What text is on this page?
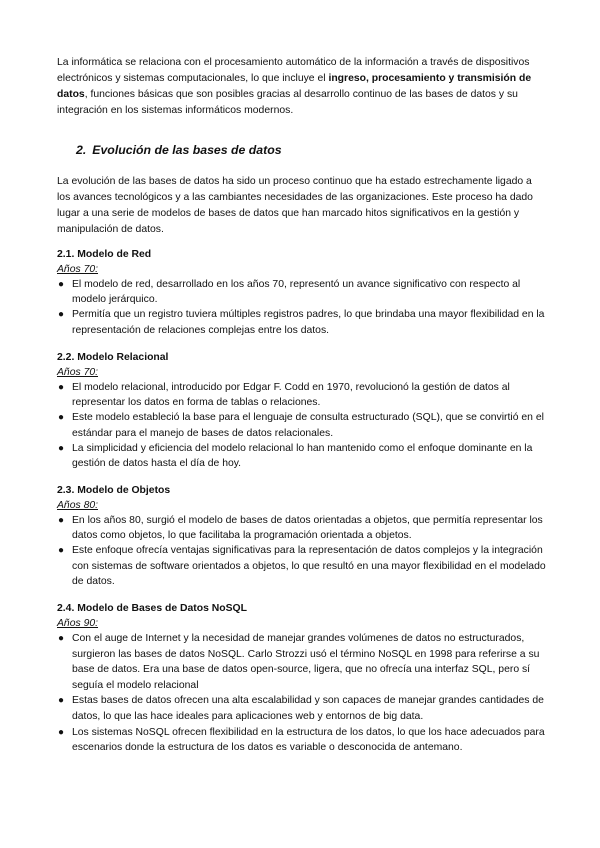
La informática se relaciona con el procesamiento automático de la información a través de dispositivos electrónicos y sistemas computacionales, lo que incluye el ingreso, procesamiento y transmisión de datos, funciones básicas que son posibles gracias al desarrollo continuo de las bases de datos y su integración en los sistemas informáticos modernos.

2. Evolución de las bases de datos

La evolución de las bases de datos ha sido un proceso continuo que ha estado estrechamente ligado a los avances tecnológicos y a las cambiantes necesidades de las organizaciones. Este proceso ha dado lugar a una serie de modelos de bases de datos que han marcado hitos significativos en la gestión y manipulación de datos.

2.1. Modelo de Red
Años 70:
● El modelo de red, desarrollado en los años 70, representó un avance significativo con respecto al modelo jerárquico.
● Permitía que un registro tuviera múltiples registros padres, lo que brindaba una mayor flexibilidad en la representación de relaciones complejas entre los datos.
2.2. Modelo Relacional
Años 70:
● El modelo relacional, introducido por Edgar F. Codd en 1970, revolucionó la gestión de datos al representar los datos en forma de tablas o relaciones.
● Este modelo estableció la base para el lenguaje de consulta estructurado (SQL), que se convirtió en el estándar para el manejo de bases de datos relacionales.
● La simplicidad y eficiencia del modelo relacional lo han mantenido como el enfoque dominante en la gestión de datos hasta el día de hoy.
2.3. Modelo de Objetos
Años 80:
● En los años 80, surgió el modelo de bases de datos orientadas a objetos, que permitía representar los datos como objetos, lo que facilitaba la programación orientada a objetos.
● Este enfoque ofrecía ventajas significativas para la representación de datos complejos y la integración con sistemas de software orientados a objetos, lo que resultó en una mayor flexibilidad en el modelado de datos.
2.4. Modelo de Bases de Datos NoSQL
Años 90:
● Con el auge de Internet y la necesidad de manejar grandes volúmenes de datos no estructurados, surgieron las bases de datos NoSQL. Carlo Strozzi usó el término NoSQL en 1998 para referirse a su base de datos. Era una base de datos open-source, ligera, que no ofrecía una interfaz SQL, pero sí seguía el modelo relacional
● Estas bases de datos ofrecen una alta escalabilidad y son capaces de manejar grandes cantidades de datos, lo que las hace ideales para aplicaciones web y entornos de big data.
● Los sistemas NoSQL ofrecen flexibilidad en la estructura de los datos, lo que los hace adecuados para escenarios donde la estructura de los datos es variable o desconocida de antemano.
